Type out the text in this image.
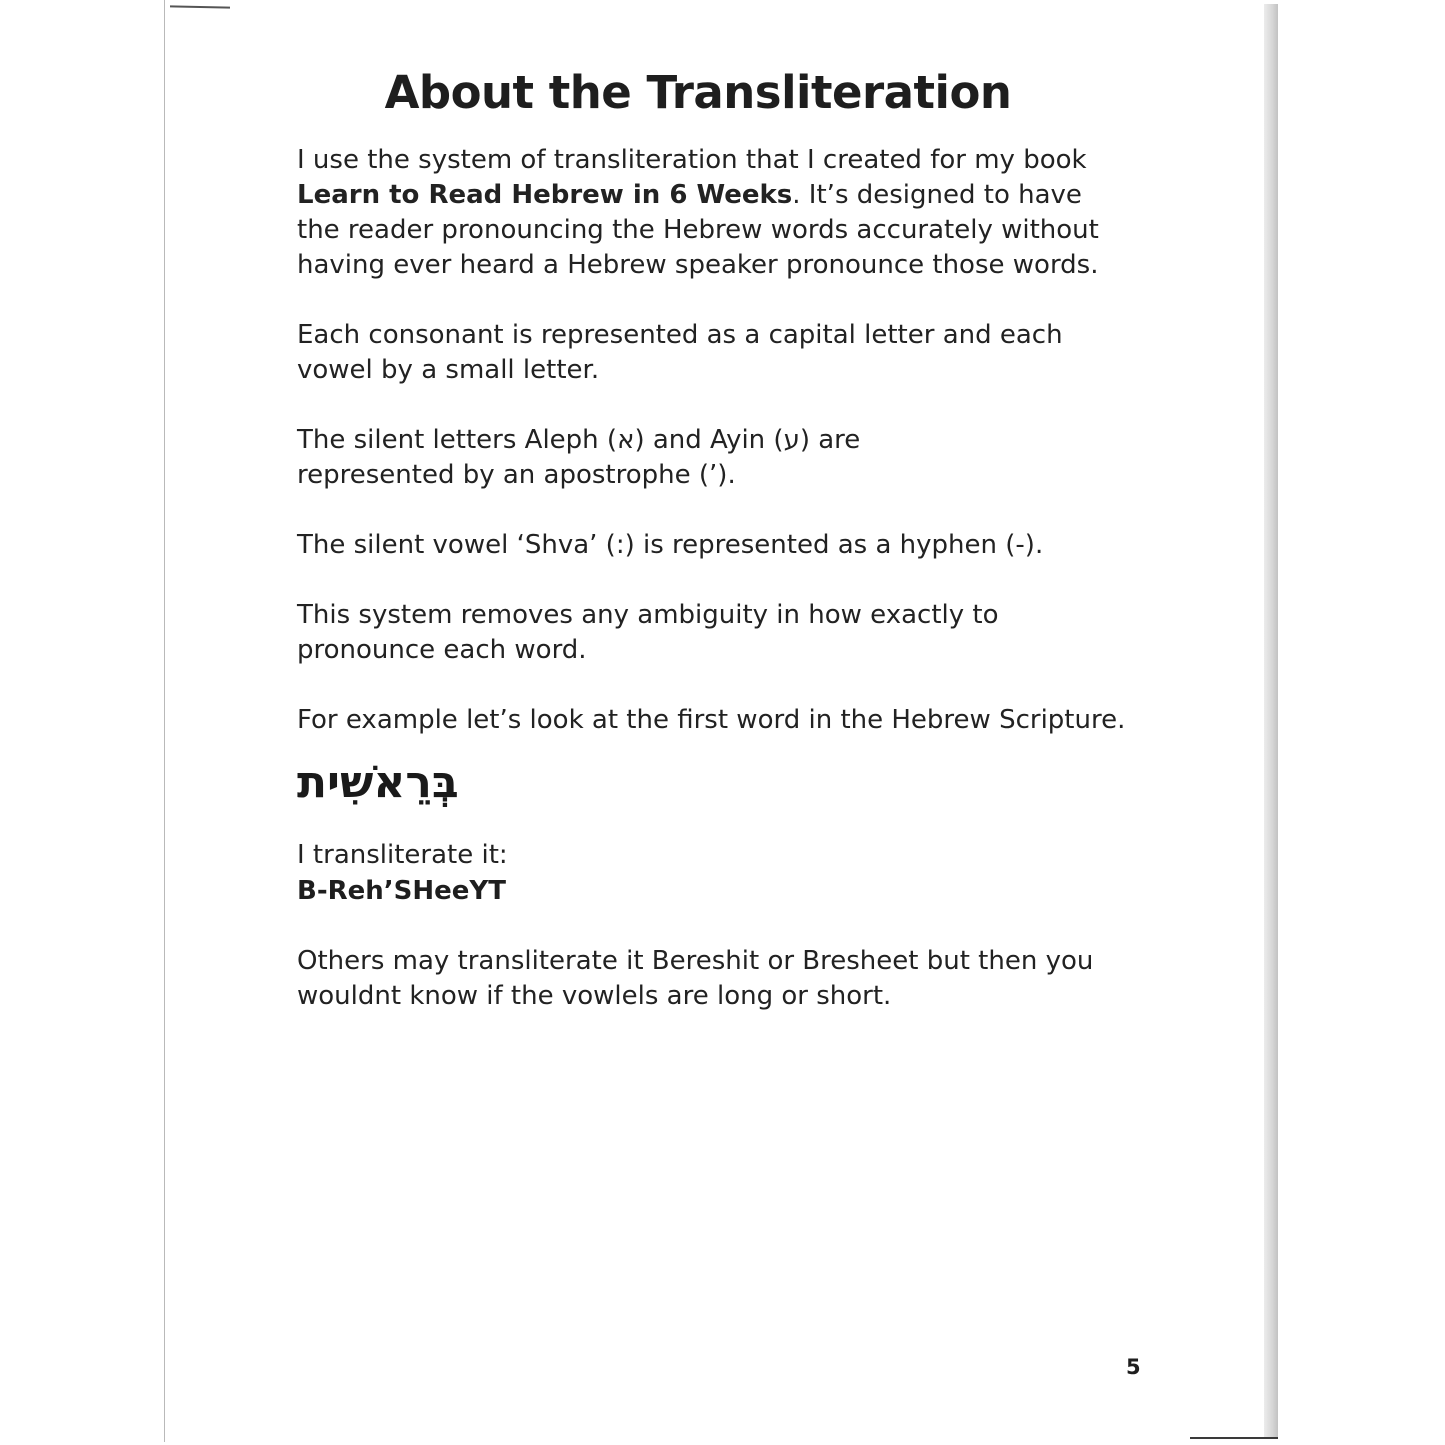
About the Transliteration

I use the system of transliteration that I created for my book Learn to Read Hebrew in 6 Weeks. It’s designed to have the reader pronouncing the Hebrew words accurately without having ever heard a Hebrew speaker pronounce those words.

Each consonant is represented as a capital letter and each vowel by a small letter.

The silent letters Aleph (א) and Ayin (ע) are
represented by an apostrophe (’).

The silent vowel ‘Shva’ (:) is represented as a hyphen (-).

This system removes any ambiguity in how exactly to pronounce each word.

For example let’s look at the first word in the Hebrew Scripture.

בְּרֵאשִׁית

I transliterate it:

B-Reh’SHeeYT

Others may transliterate it Bereshit or Bresheet but then you wouldnt know if the vowlels are long or short.

5
